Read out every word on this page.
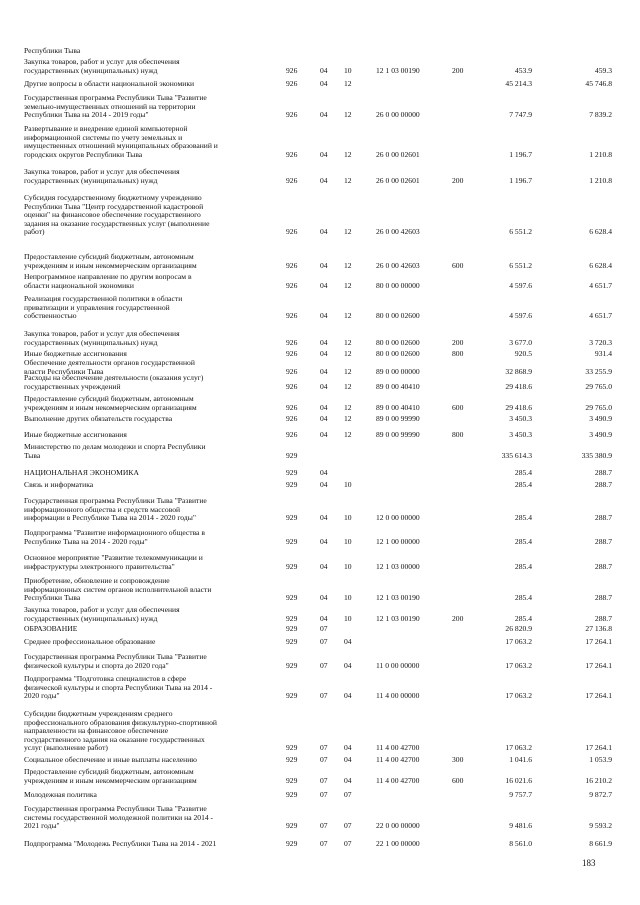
Республики Тыва
Закупка товаров, работ и услуг для обеспечения
государственных (муниципальных) нужд	926	04 10	12 1 03 00190	200	453.9	459.3
Другие вопросы в области национальной экономики	926	04 12	45 214.3	45 746.8
Государственная программа Республики Тыва "Развитие
земельно-имущественных отношений на территории
Республики Тыва на 2014 - 2019 годы"	926	04 12	26 0 00 00000	7 747.9	7 839.2
Развертывание и внедрение единой компьютерной
информационной системы по учету земельных и
имущественных отношений муниципальных образований и
городских округов Республики Тыва	926	04 12	26 0 00 02601	1 196.7	1 210.8
Закупка товаров, работ и услуг для обеспечения
государственных (муниципальных) нужд	926	04 12	26 0 00 02601	200	1 196.7	1 210.8
Субсидия государственному бюджетному учреждению
Республики Тыва "Центр государственной кадастровой
оценки" на финансовое обеспечение государственного
задания на оказание государственных услуг (выполнение
работ)	926	04 12	26 0 00 42603	6 551.2	6 628.4
Предоставление субсидий бюджетным, автономным
учреждениям и иным некоммерческим организациям	926	04 12	26 0 00 42603	600	6 551.2	6 628.4
Непрограммное направление по другим вопросам в
области национальной экономики	926	04 12	80 0 00 00000	4 597.6	4 651.7
Реализация государственной политики в области
приватизации и управления государственной
собственностью	926	04 12	80 0 00 02600	4 597.6	4 651.7
Закупка товаров, работ и услуг для обеспечения
государственных (муниципальных) нужд	926	04 12	80 0 00 02600	200	3 677.0	3 720.3
Иные бюджетные ассигнования	926	04 12	80 0 00 02600	800	920.5	931.4
Обеспечение деятельности органов государственной
власти Республики Тыва	926	04 12	89 0 00 00000	32 868.9	33 255.9
Расходы на обеспечение деятельности (оказания услуг)
государственных учреждений	926	04 12	89 0 00 40410	29 418.6	29 765.0
Предоставление субсидий бюджетным, автономным
учреждениям и иным некоммерческим организациям	926	04 12	89 0 00 40410	600	29 418.6	29 765.0
Выполнение других обязательств государства	926	04 12	89 0 00 99990	3 450.3	3 490.9
Иные бюджетные ассигнования	926	04 12	89 0 00 99990	800	3 450.3	3 490.9
Министерство по делам молодежи и спорта Республики
Тыва	929	335 614.3	335 380.9
НАЦИОНАЛЬНАЯ ЭКОНОМИКА	929	04	285.4	288.7
Связь и информатика	929	04 10	285.4	288.7
Государственная программа Республики Тыва "Развитие
информационного общества и средств массовой
информации в Республике Тыва на 2014 - 2020 годы"	929	04 10	12 0 00 00000	285.4	288.7
Подпрограмма "Развитие информационного общества в
Республике Тыва на 2014 - 2020 годы"	929	04 10	12 1 00 00000	285.4	288.7
Основное мероприятие "Развитие телекоммуникации и
инфраструктуры электронного правительства"	929	04 10	12 1 03 00000	285.4	288.7
Приобретение, обновление и сопровождение
информационных систем органов исполнительной власти
Республики Тыва	929	04 10	12 1 03 00190	285.4	288.7
Закупка товаров, работ и услуг для обеспечения
государственных (муниципальных) нужд	929	04 10	12 1 03 00190	200	285.4	288.7
ОБРАЗОВАНИЕ	929	07	26 820.9	27 136.8
Среднее профессиональное образование	929	07 04	17 063.2	17 264.1
Государственная программа Республики Тыва "Развитие
физической культуры и спорта до 2020 года"	929	07 04	11 0 00 00000	17 063.2	17 264.1
Подпрограмма "Подготовка специалистов в сфере
физической культуры и спорта Республики Тыва на 2014 -
2020 годы"	929	07 04	11 4 00 00000	17 063.2	17 264.1
Субсидии бюджетным учреждениям среднего
профессионального образования физкультурно-спортивной
направленности на финансовое обеспечение
государственного задания на оказание государственных
услуг (выполнение работ)	929	07 04	11 4 00 42700	17 063.2	17 264.1
Социальное обеспечение и иные выплаты населению	929	07 04	11 4 00 42700	300	1 041.6	1 053.9
Предоставление субсидий бюджетным, автономным
учреждениям и иным некоммерческим организациям	929	07 04	11 4 00 42700	600	16 021.6	16 210.2
Молодежная политика	929	07 07	9 757.7	9 872.7
Государственная программа Республики Тыва "Развитие
системы государственной молодежной политики на 2014 -
2021 годы"	929	07 07	22 0 00 00000	9 481.6	9 593.2
Подпрограмма "Молодежь Республики Тыва на 2014 - 2021	929	07 07	22 1 00 00000	8 561.0	8 661.9
183
